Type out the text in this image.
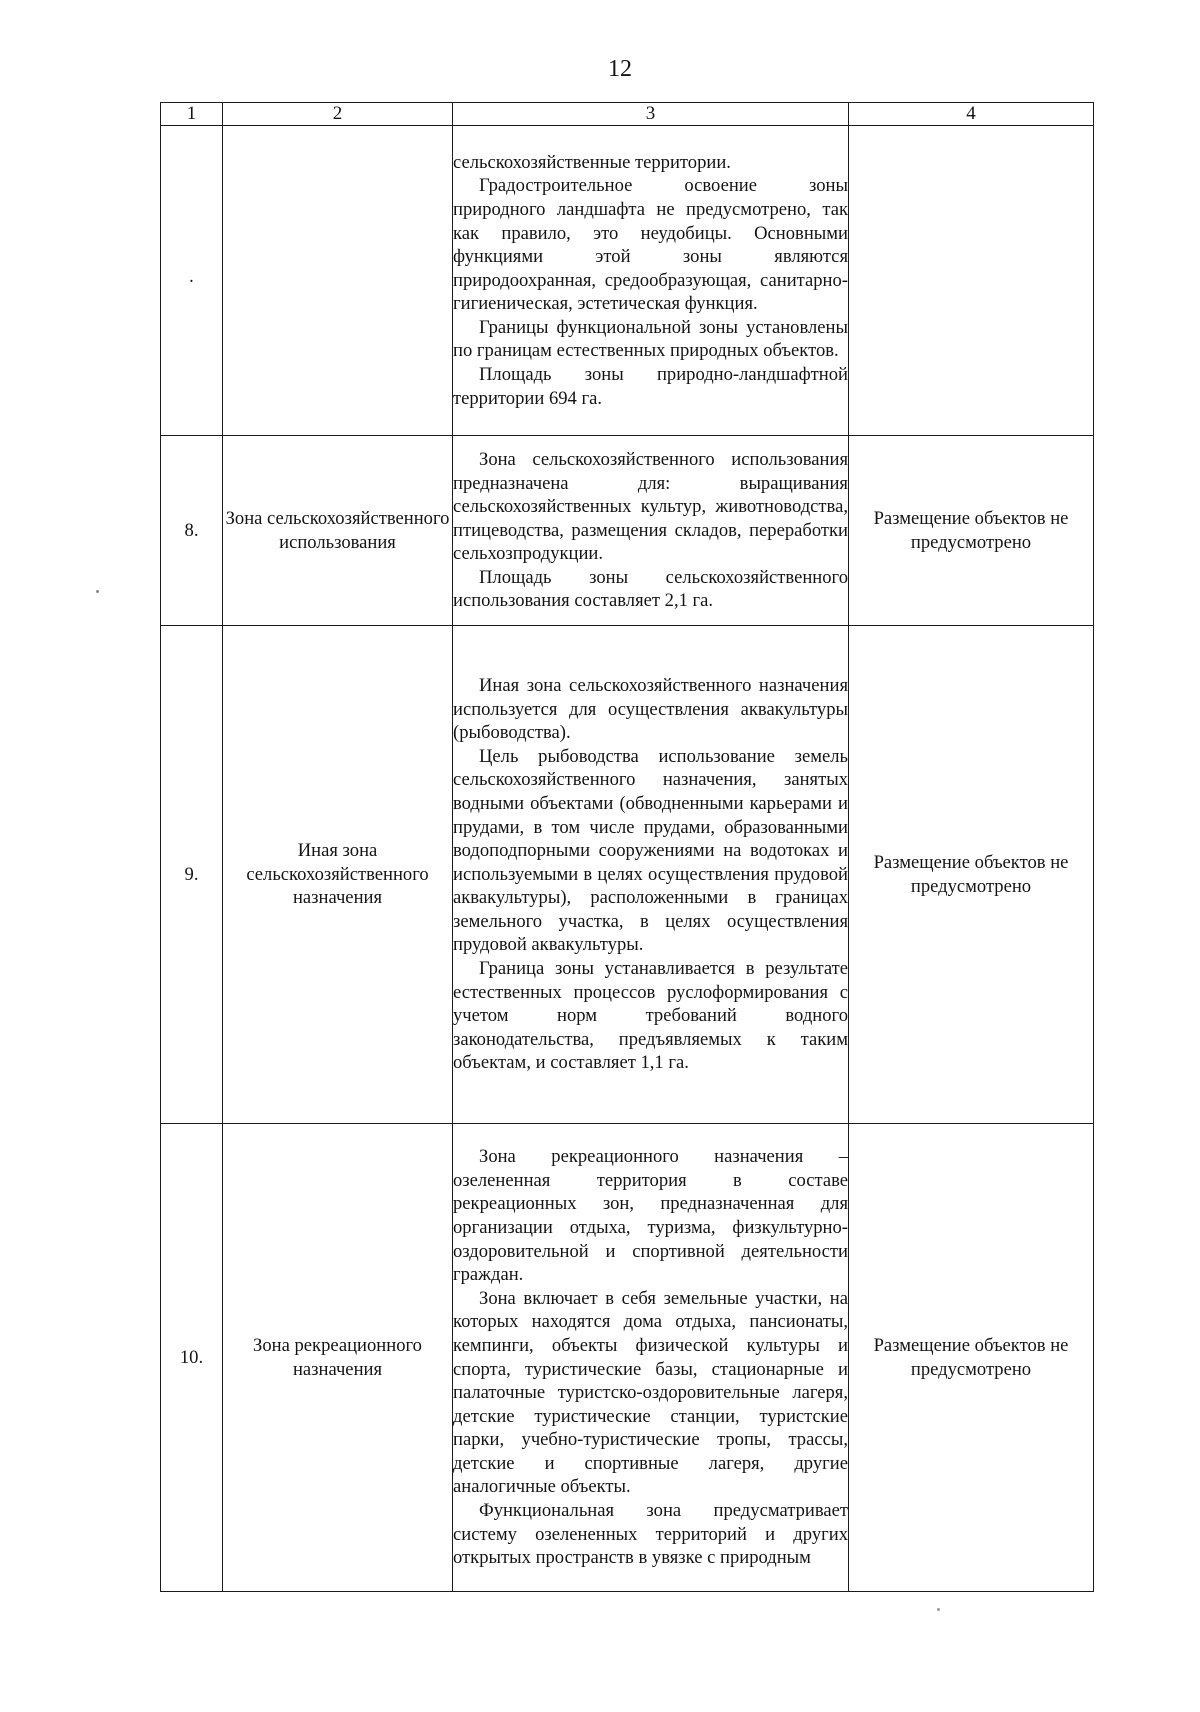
12
1	2	3	4
.		сельскохозяйственные территории.

Градостроительное освоение зоны природного ландшафта не предусмотрено, так как правило, это неудобицы. Основными функциями этой зоны являются природоохранная, средообразующая, санитарно-гигиеническая, эстетическая функция.

Границы функциональной зоны установлены по границам естественных природных объектов.

Площадь зоны природно-ландшафтной территории 694 га.	

8.	Зона сельскохозяйственного использования	Зона сельскохозяйственного использования предназначена для: выращивания сельскохозяйственных культур, животноводства, птицеводства, размещения складов, переработки сельхозпродукции.

Площадь зоны сельскохозяйственного использования составляет 2,1 га.	Размещение объектов не предусмотрено
9.	Иная зона сельскохозяйственного назначения	Иная зона сельскохозяйственного назначения используется для осуществления аквакультуры (рыбоводства).

Цель рыбоводства использование земель сельскохозяйственного назначения, занятых водными объектами (обводненными карьерами и прудами, в том числе прудами, образованными водоподпорными сооружениями на водотоках и используемыми в целях осуществления прудовой аквакультуры), расположенными в границах земельного участка, в целях осуществления прудовой аквакультуры.

Граница зоны устанавливается в результате естественных процессов руслоформирования с учетом норм требований водного законодательства, предъявляемых к таким объектам, и составляет 1,1 га.	Размещение объектов не предусмотрено
10.	Зона рекреационного назначения	Зона рекреационного назначения – озелененная территория в составе рекреационных зон, предназначенная для организации отдыха, туризма, физкультурно-оздоровительной и спортивной деятельности граждан.

Зона включает в себя земельные участки, на которых находятся дома отдыха, пансионаты, кемпинги, объекты физической культуры и спорта, туристические базы, стационарные и палаточные туристско-оздоровительные лагеря, детские туристические станции, туристские парки, учебно-туристические тропы, трассы, детские и спортивные лагеря, другие аналогичные объекты.

Функциональная зона предусматривает систему озелененных территорий и других открытых пространств в увязке с природным	Размещение объектов не предусмотрено
